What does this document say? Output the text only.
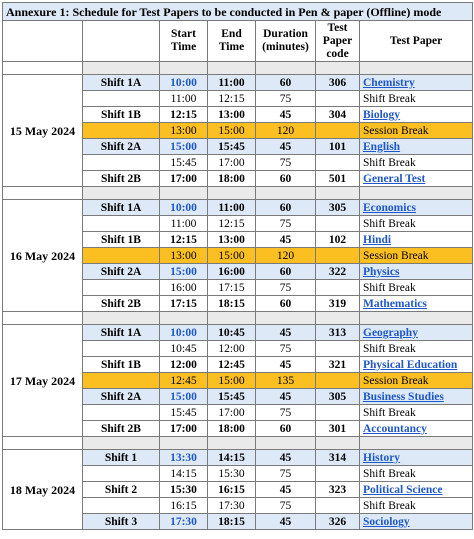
Annexure 1: Schedule for Test Papers to be conducted in Pen & paper (Offline) mode						
		Start Time	End Time	Duration (minutes)	Test Paper code	Test Paper

15 May 2024	Shift 1A	10:00	11:00	60	306	Chemistry
		11:00	12:15	75		Shift Break
	Shift 1B	12:15	13:00	45	304	Biology
		13:00	15:00	120		Session Break
	Shift 2A	15:00	15:45	45	101	English
		15:45	17:00	75		Shift Break
	Shift 2B	17:00	18:00	60	501	General Test

16 May 2024	Shift 1A	10:00	11:00	60	305	Economics
		11:00	12:15	75		Shift Break
	Shift 1B	12:15	13:00	45	102	Hindi
		13:00	15:00	120		Session Break
	Shift 2A	15:00	16:00	60	322	Physics
		16:00	17:15	75		Shift Break
	Shift 2B	17:15	18:15	60	319	Mathematics

17 May 2024	Shift 1A	10:00	10:45	45	313	Geography
		10:45	12:00	75		Shift Break
	Shift 1B	12:00	12:45	45	321	Physical Education
		12:45	15:00	135		Session Break
	Shift 2A	15:00	15:45	45	305	Business Studies
		15:45	17:00	75		Shift Break
	Shift 2B	17:00	18:00	60	301	Accountancy

18 May 2024	Shift 1	13:30	14:15	45	314	History
		14:15	15:30	75		Shift Break
	Shift 2	15:30	16:15	45	323	Political Science
		16:15	17:30	75		Shift Break
	Shift 3	17:30	18:15	45	326	Sociology
